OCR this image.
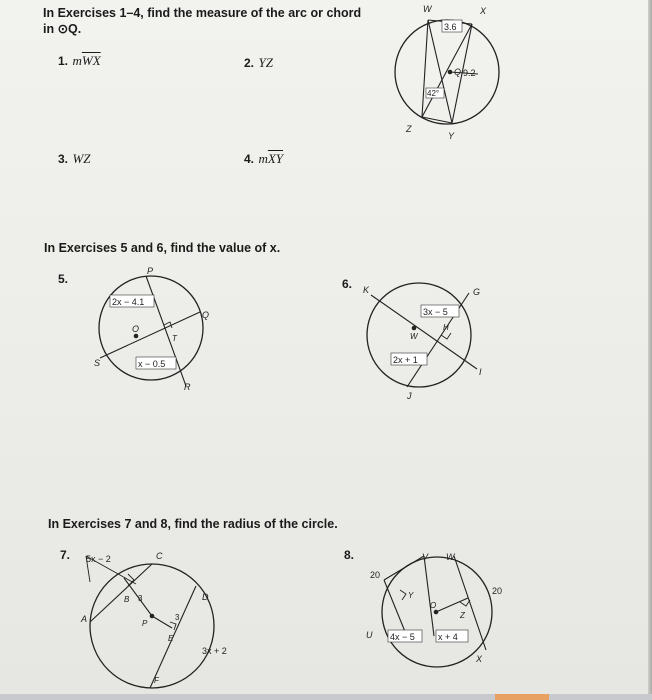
In Exercises 1–4, find the measure of the arc or chord
in ⊙Q.
1. $m\overline{WX}$	2. YZ
3. WZ	4. $m\overline{XY}$
3.6
9.2
42°
W	X
Q
Z
Y
In Exercises 5 and 6, find the value of x.
5.	6.
2x − 4.1
x − 0.5
P
Q
O
T
S
R
3x − 5
2x + 1
K	G
W
H
J
I
In Exercises 7 and 8, find the radius of the circle.
7.	8.
5x − 2	C
B 3	D
A	3
P
E
3x + 2
F
V W
20
20
Y
O
Z
U 4x − 5	x + 4
X
